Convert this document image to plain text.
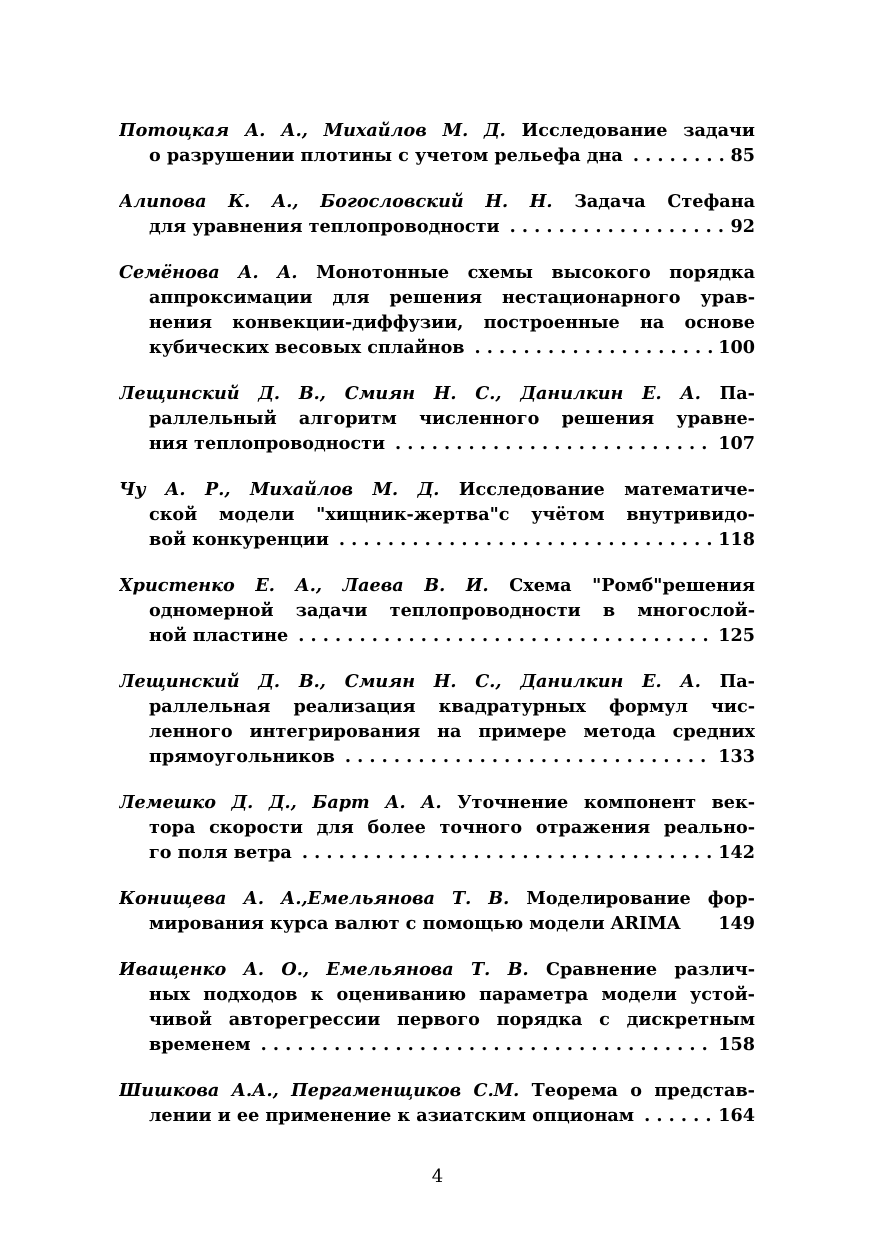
Потоцкая А. А., Михайлов М. Д. Исследование задачи
о разрушении плотины с учетом рельефа дна . . .	85
Алипова К. А., Богословский Н. Н. Задача Стефана
для уравнения теплопроводности . . .	92
Семёнова А. А. Монотонные схемы высокого порядка
аппроксимации для решения нестационарного урав-
нения конвекции-диффузии, построенные на основе
кубических весовых сплайнов . . .	100
Лещинский Д. В., Смиян Н. С., Данилкин Е. А. Па-
раллельный алгоритм численного решения уравне-
ния теплопроводности . . .	107
Чу А. Р., Михайлов М. Д. Исследование математиче-
ской модели "хищник-жертва"с учётом внутривидо-
вой конкуренции . . .	118
Христенко Е. А., Лаева В. И. Схема "Ромб"решения
одномерной задачи теплопроводности в многослой-
ной пластине . . .	125
Лещинский Д. В., Смиян Н. С., Данилкин Е. А. Па-
раллельная реализация квадратурных формул чис-
ленного интегрирования на примере метода средних
прямоугольников . . .	133
Лемешко Д. Д., Барт А. А. Уточнение компонент век-
тора скорости для более точного отражения реально-
го поля ветра . . .	142
Конищева А. А.,Емельянова Т. В. Моделирование фор-
мирования курса валют с помощью модели ARIMA 149
Иващенко А. О., Емельянова Т. В. Сравнение различ-
ных подходов к оцениванию параметра модели устой-
чивой авторегрессии первого порядка с дискретным
временем . . .	158
Шишкова А.А., Пергаменщиков С.М. Теорема о представ-
лении и ее применение к азиатским опционам . . .	164
4
